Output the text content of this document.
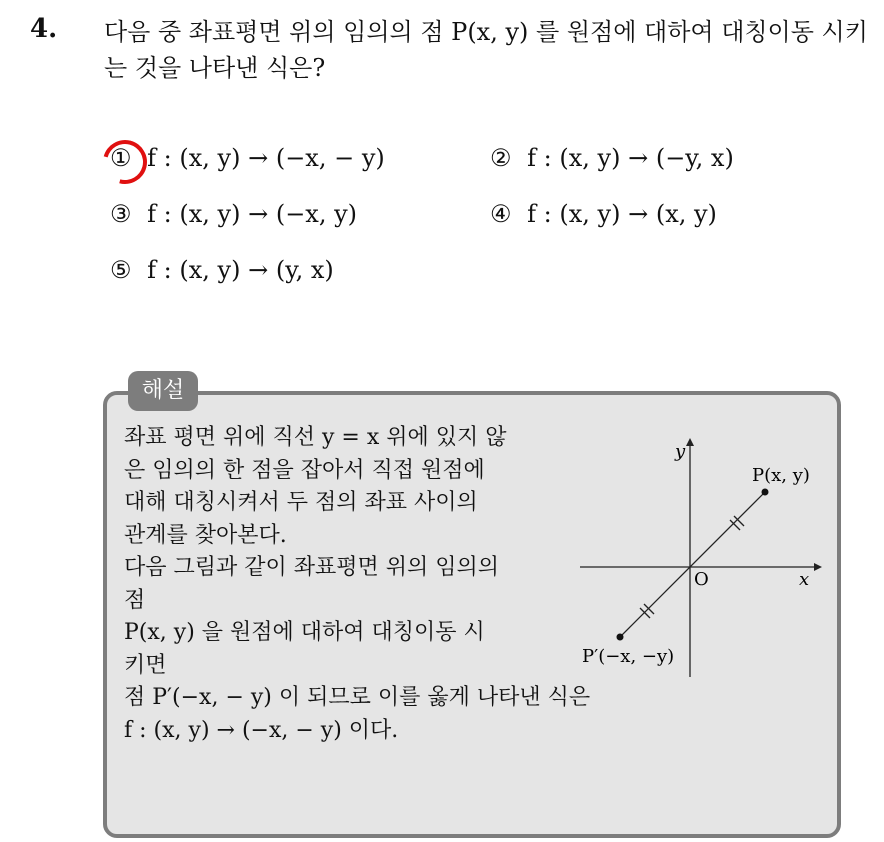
4. 다음 중 좌표평면 위의 임의의 점 P(x, y) 를 원점에 대하여 대칭이동 시키는 것을 나타낸 식은?
① f : (x, y) → (−x, − y)	② f : (x, y) → (−y, x)
③ f : (x, y) → (−x, y)	④ f : (x, y) → (x, y)
⑤ f : (x, y) → (y, x)
해설
좌표 평면 위에 직선 y = x 위에 있지 않
은 임의의 한 점을 잡아서 직접 원점에
대해 대칭시켜서 두 점의 좌표 사이의
관계를 찾아본다.
다음 그림과 같이 좌표평면 위의 임의의
점
P(x, y) 을 원점에 대하여 대칭이동 시
키면
점 P′(−x, − y) 이 되므로 이를 옳게 나타낸 식은
f : (x, y) → (−x, − y) 이다.
y
x
O
P(x, y)
P′(−x, −y)
